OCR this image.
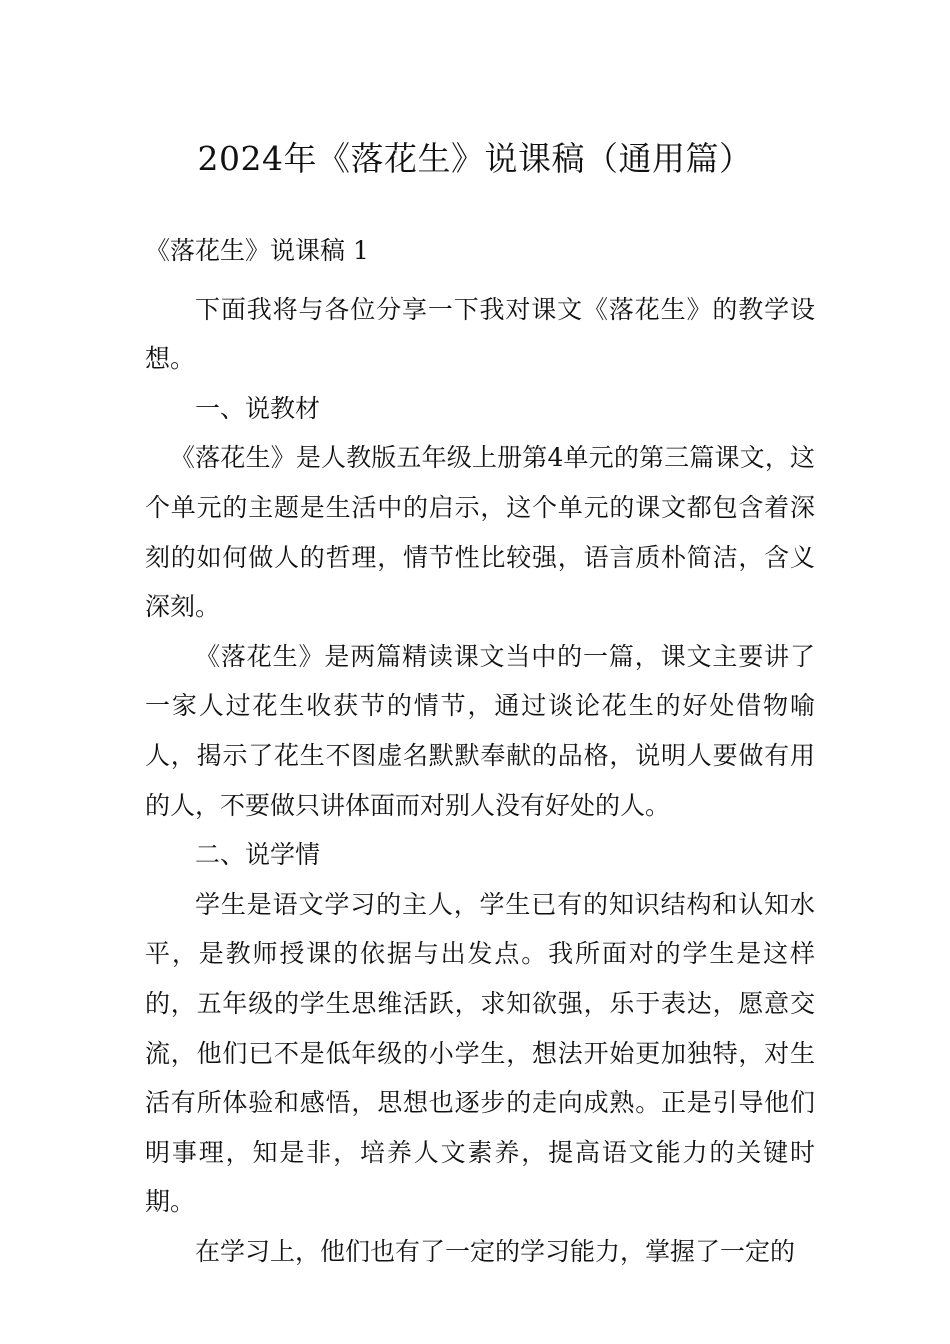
2024年《落花生》说课稿（通用篇）

《落花生》说课稿 1

下面我将与各位分享一下我对课文《落花生》的教学设想。

一、说教材

《落花生》是人教版五年级上册第4单元的第三篇课文，这个单元的主题是生活中的启示，这个单元的课文都包含着深刻的如何做人的哲理，情节性比较强，语言质朴简洁，含义深刻。

《落花生》是两篇精读课文当中的一篇，课文主要讲了一家人过花生收获节的情节，通过谈论花生的好处借物喻人，揭示了花生不图虚名默默奉献的品格，说明人要做有用的人，不要做只讲体面而对别人没有好处的人。

二、说学情

学生是语文学习的主人，学生已有的知识结构和认知水平，是教师授课的依据与出发点。我所面对的学生是这样的，五年级的学生思维活跃，求知欲强，乐于表达，愿意交流，他们已不是低年级的小学生，想法开始更加独特，对生活有所体验和感悟，思想也逐步的走向成熟。正是引导他们明事理，知是非，培养人文素养，提高语文能力的关键时期。

在学习上，他们也有了一定的学习能力，掌握了一定的
